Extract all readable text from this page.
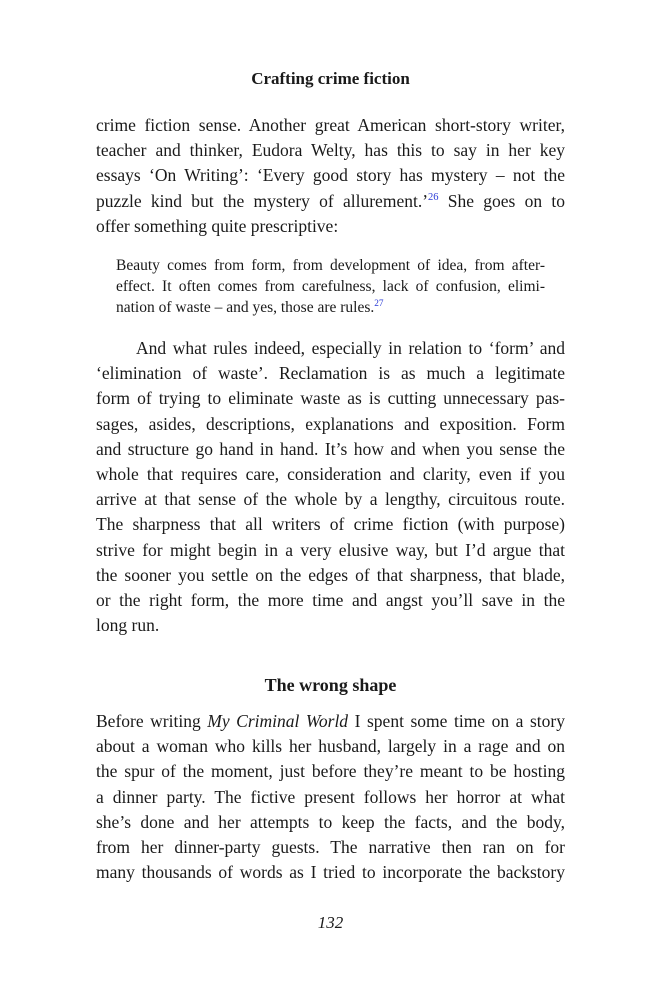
Crafting crime fiction
crime fiction sense. Another great American short-story writer,
teacher and thinker, Eudora Welty, has this to say in her key
essays ‘On Writing’: ‘Every good story has mystery – not the
puzzle kind but the mystery of allurement.’$^{26}$ She goes on to
offer something quite prescriptive:
Beauty comes from form, from development of idea, from after-
effect. It often comes from carefulness, lack of confusion, elimi-
nation of waste – and yes, those are rules.$^{27}$
And what rules indeed, especially in relation to ‘form’ and
‘elimination of waste’. Reclamation is as much a legitimate
form of trying to eliminate waste as is cutting unnecessary pas-
sages, asides, descriptions, explanations and exposition. Form
and structure go hand in hand. It’s how and when you sense the
whole that requires care, consideration and clarity, even if you
arrive at that sense of the whole by a lengthy, circuitous route.
The sharpness that all writers of crime fiction (with purpose)
strive for might begin in a very elusive way, but I’d argue that
the sooner you settle on the edges of that sharpness, that blade,
or the right form, the more time and angst you’ll save in the
long run.
The wrong shape
Before writing My Criminal World I spent some time on a story
about a woman who kills her husband, largely in a rage and on
the spur of the moment, just before they’re meant to be hosting
a dinner party. The fictive present follows her horror at what
she’s done and her attempts to keep the facts, and the body,
from her dinner-party guests. The narrative then ran on for
many thousands of words as I tried to incorporate the backstory
132
